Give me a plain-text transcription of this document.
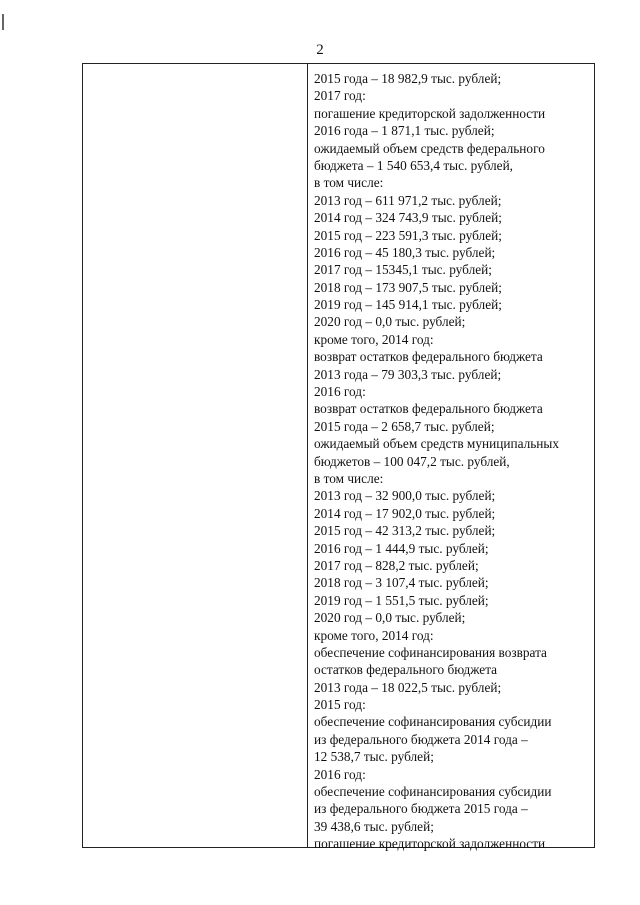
2
2015 года – 18 982,9 тыс. рублей;
2017 год:
погашение кредиторской задолженности
2016 года – 1 871,1 тыс. рублей;
ожидаемый объем средств федерального
бюджета – 1 540 653,4 тыс. рублей,
в том числе:
2013 год – 611 971,2 тыс. рублей;
2014 год – 324 743,9 тыс. рублей;
2015 год – 223 591,3 тыс. рублей;
2016 год – 45 180,3 тыс. рублей;
2017 год – 15345,1 тыс. рублей;
2018 год – 173 907,5 тыс. рублей;
2019 год – 145 914,1 тыс. рублей;
2020 год – 0,0 тыс. рублей;
кроме того, 2014 год:
возврат остатков федерального бюджета
2013 года – 79 303,3 тыс. рублей;
2016 год:
возврат остатков федерального бюджета
2015 года – 2 658,7 тыс. рублей;
ожидаемый объем средств муниципальных
бюджетов – 100 047,2 тыс. рублей,
в том числе:
2013 год – 32 900,0 тыс. рублей;
2014 год – 17 902,0 тыс. рублей;
2015 год – 42 313,2 тыс. рублей;
2016 год – 1 444,9 тыс. рублей;
2017 год – 828,2 тыс. рублей;
2018 год – 3 107,4 тыс. рублей;
2019 год – 1 551,5 тыс. рублей;
2020 год – 0,0 тыс. рублей;
кроме того, 2014 год:
обеспечение софинансирования возврата
остатков федерального бюджета
2013 года – 18 022,5 тыс. рублей;
2015 год:
обеспечение софинансирования субсидии
из федерального бюджета 2014 года –
12 538,7 тыс. рублей;
2016 год:
обеспечение софинансирования субсидии
из федерального бюджета 2015 года –
39 438,6 тыс. рублей;
погашение кредиторской задолженности
